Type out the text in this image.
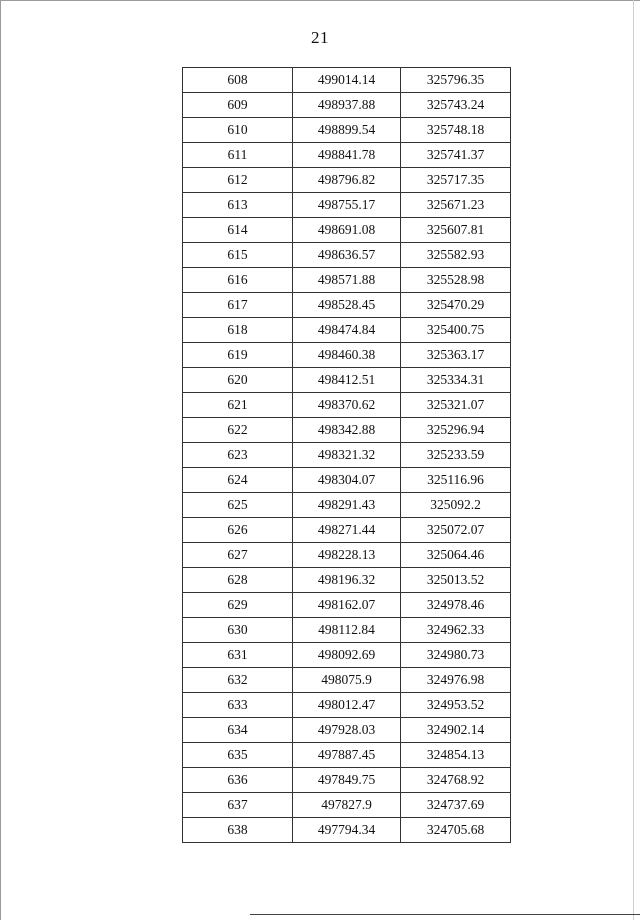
21
608	499014.14	325796.35
609	498937.88	325743.24
610	498899.54	325748.18
611	498841.78	325741.37
612	498796.82	325717.35
613	498755.17	325671.23
614	498691.08	325607.81
615	498636.57	325582.93
616	498571.88	325528.98
617	498528.45	325470.29
618	498474.84	325400.75
619	498460.38	325363.17
620	498412.51	325334.31
621	498370.62	325321.07
622	498342.88	325296.94
623	498321.32	325233.59
624	498304.07	325116.96
625	498291.43	325092.2
626	498271.44	325072.07
627	498228.13	325064.46
628	498196.32	325013.52
629	498162.07	324978.46
630	498112.84	324962.33
631	498092.69	324980.73
632	498075.9	324976.98
633	498012.47	324953.52
634	497928.03	324902.14
635	497887.45	324854.13
636	497849.75	324768.92
637	497827.9	324737.69
638	497794.34	324705.68
